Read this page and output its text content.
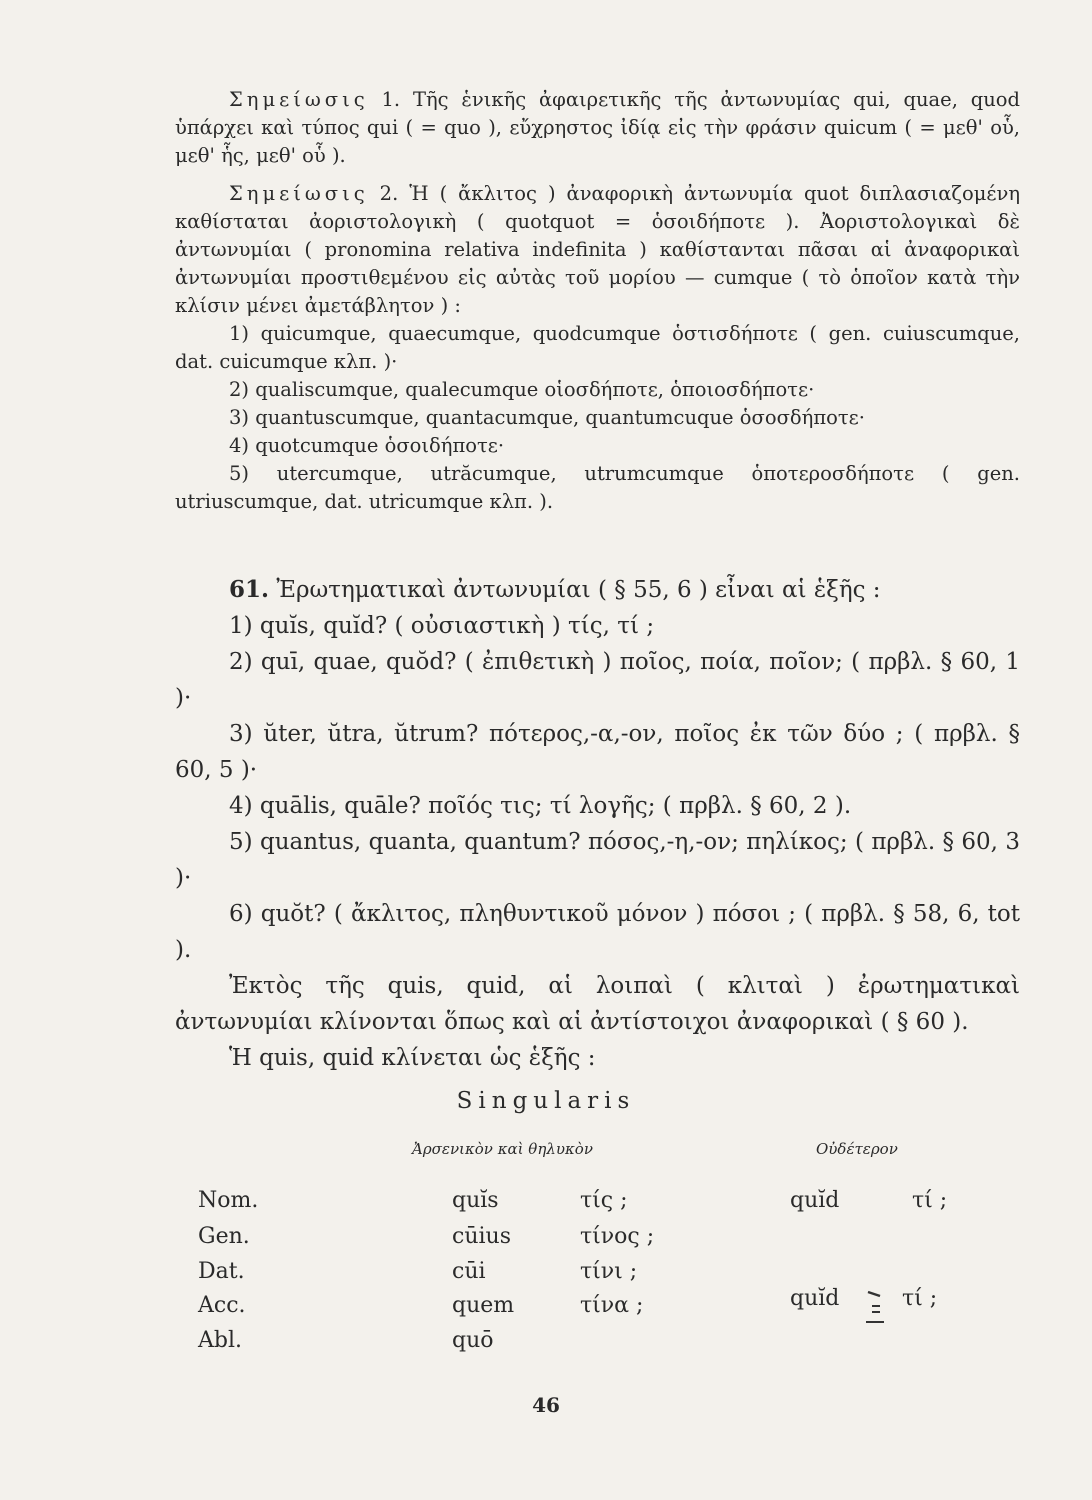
Σημείωσις 1. Τῆς ἑνικῆς ἀφαιρετικῆς τῆς ἀντωνυμίας qui, quae, quod ὑπάρχει καὶ τύπος qui ( = quo ), εὔχρηστος ἰδίᾳ εἰς τὴν φράσιν quicum ( = μεθ' οὗ, μεθ' ἧς, μεθ' οὗ ).

Σημείωσις 2. Ἡ ( ἄκλιτος ) ἀναφορικὴ ἀντωνυμία quot διπλασιαζομένη καθίσταται ἀοριστολογικὴ ( quotquot = ὁσοιδήποτε ). Ἀοριστολογικαὶ δὲ ἀντωνυμίαι ( pronomina relativa indefinita ) καθίστανται πᾶσαι αἱ ἀναφορικαὶ ἀντωνυμίαι προστιθεμένου εἰς αὐτὰς τοῦ μορίου — cumque ( τὸ ὁποῖον κατὰ τὴν κλίσιν μένει ἀμετάβλητον ) :

1) quicumque, quaecumque, quodcumque ὁστισδήποτε ( gen. cuiuscumque, dat. cuicumque κλπ. )·

2) qualiscumque, qualecumque οἱοσδήποτε, ὁποιοσδήποτε·

3) quantuscumque, quantacumque, quantumcuque ὁσοσδήποτε·

4) quotcumque ὁσοιδήποτε·

5) utercumque, utrăcumque, utrumcumque ὁποτεροσδήποτε ( gen. utriuscumque, dat. utricumque κλπ. ).

61. Ἐρωτηματικαὶ ἀντωνυμίαι ( § 55, 6 ) εἶναι αἱ ἑξῆς :

1) quĭs, quĭd? ( οὐσιαστικὴ ) τίς, τί ;

2) quī, quae, quŏd? ( ἐπιθετικὴ ) ποῖος, ποία, ποῖον; ( πρβλ. § 60, 1 )·

3) ŭter, ŭtra, ŭtrum? πότερος,-α,-ον, ποῖος ἐκ τῶν δύο ; ( πρβλ. § 60, 5 )·

4) quālis, quāle? ποῖός τις; τί λογῆς; ( πρβλ. § 60, 2 ).

5) quantus, quanta, quantum? πόσος,-η,-ον; πηλίκος; ( πρβλ. § 60, 3 )·

6) quŏt? ( ἄκλιτος, πληθυντικοῦ μόνον ) πόσοι ; ( πρβλ. § 58, 6, tot ).

Ἐκτὸς τῆς quis, quid, αἱ λοιπαὶ ( κλιταὶ ) ἐρωτηματικαὶ ἀντωνυμίαι κλίνονται ὅπως καὶ αἱ ἀντίστοιχοι ἀναφορικαὶ ( § 60 ).

Ἡ quis, quid κλίνεται ὡς ἑξῆς :

Singularis
Ἀρσενικὸν καὶ θηλυκὸν	Οὐδέτερον
Nom.	quĭs	τίς ;	quĭd	τί ;
Gen.	cūius	τίνος ;
Dat.	cūi	τίνι ;
Acc.	quem	τίνα ;	quĭd	τί ;
Abl.	quō
46
